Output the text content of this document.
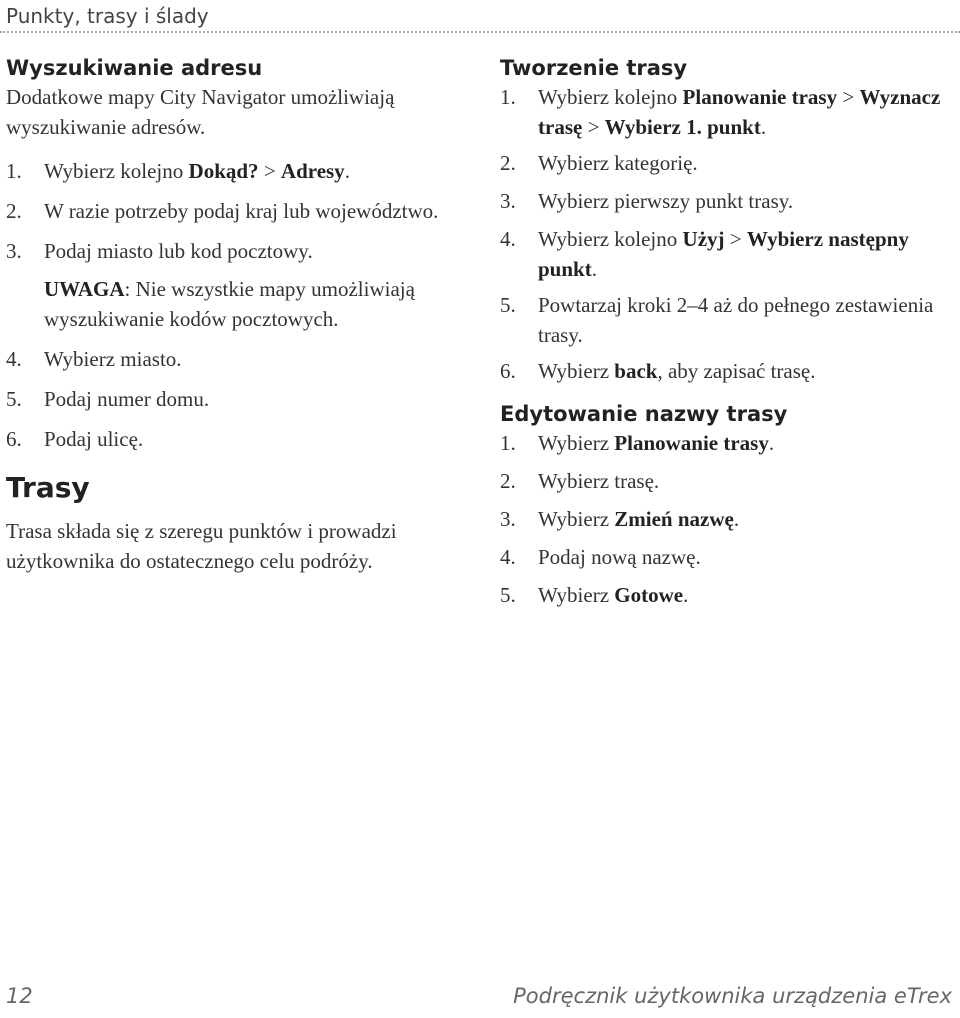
Punkty, trasy i ślady
Wyszukiwanie adresu

Dodatkowe mapy City Navigator umożliwiają wyszukiwanie adresów.

1.	Wybierz kolejno Dokąd? > Adresy.
2.	W razie potrzeby podaj kraj lub województwo.
3.	Podaj miasto lub kod pocztowy.
UWAGA: Nie wszystkie mapy umożliwiają wyszukiwanie kodów pocztowych.
4.	Wybierz miasto.
5.	Podaj numer domu.
6.	Podaj ulicę.
Trasy

Trasa składa się z szeregu punktów i prowadzi użytkownika do ostatecznego celu podróży.

Tworzenie trasy
1.	Wybierz kolejno Planowanie trasy > Wyznacz trasę > Wybierz 1. punkt.
2.	Wybierz kategorię.
3.	Wybierz pierwszy punkt trasy.
4.	Wybierz kolejno Użyj > Wybierz następny punkt.
5.	Powtarzaj kroki 2–4 aż do pełnego zestawienia trasy.
6.	Wybierz back, aby zapisać trasę.
Edytowanie nazwy trasy
1.	Wybierz Planowanie trasy.
2.	Wybierz trasę.
3.	Wybierz Zmień nazwę.
4.	Podaj nową nazwę.
5.	Wybierz Gotowe.
12	Podręcznik użytkownika urządzenia eTrex
